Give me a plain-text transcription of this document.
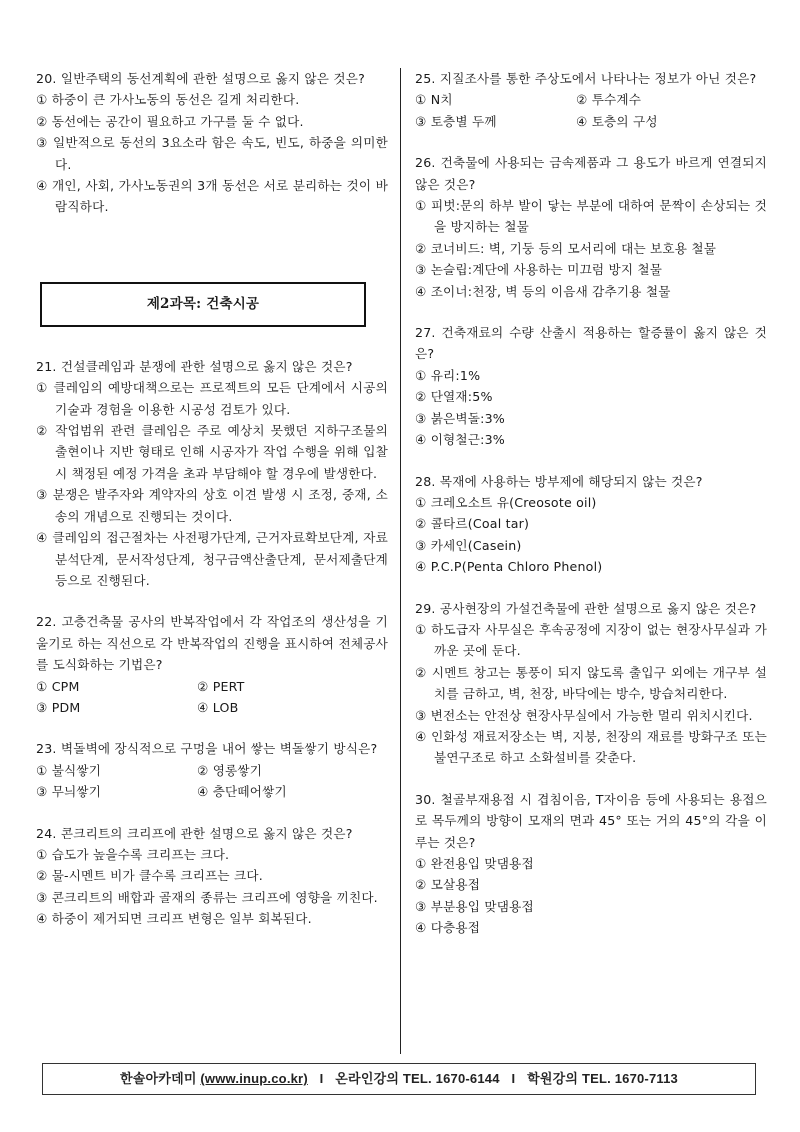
20. 일반주택의 동선계획에 관한 설명으로 옳지 않은 것은?

① 하중이 큰 가사노동의 동선은 길게 처리한다.

② 동선에는 공간이 필요하고 가구를 둘 수 없다.

③ 일반적으로 동선의 3요소라 함은 속도, 빈도, 하중을 의미한다.

④ 개인, 사회, 가사노동권의 3개 동선은 서로 분리하는 것이 바람직하다.

제2과목: 건축시공

21. 건설클레임과 분쟁에 관한 설명으로 옳지 않은 것은?

① 클레임의 예방대책으로는 프로젝트의 모든 단계에서 시공의 기술과 경험을 이용한 시공성 검토가 있다.

② 작업범위 관련 클레임은 주로 예상치 못했던 지하구조물의 출현이나 지반 형태로 인해 시공자가 작업 수행을 위해 입찰 시 책정된 예정 가격을 초과 부담해야 할 경우에 발생한다.

③ 분쟁은 발주자와 계약자의 상호 이견 발생 시 조정, 중재, 소송의 개념으로 진행되는 것이다.

④ 클레임의 접근절차는 사전평가단계, 근거자료확보단계, 자료분석단계, 문서작성단계, 청구금액산출단계, 문서제출단계 등으로 진행된다.

22. 고층건축물 공사의 반복작업에서 각 작업조의 생산성을 기울기로 하는 직선으로 각 반복작업의 진행을 표시하여 전체공사를 도식화하는 기법은?

① CPM	② PERT

③ PDM	④ LOB

23. 벽돌벽에 장식적으로 구멍을 내어 쌓는 벽돌쌓기 방식은?

① 불식쌓기	② 영롱쌓기

③ 무늬쌓기	④ 층단떼어쌓기

24. 콘크리트의 크리프에 관한 설명으로 옳지 않은 것은?

① 습도가 높을수록 크리프는 크다.

② 물-시멘트 비가 클수록 크리프는 크다.

③ 콘크리트의 배합과 골재의 종류는 크리프에 영향을 끼친다.

④ 하중이 제거되면 크리프 변형은 일부 회복된다.

25. 지질조사를 통한 주상도에서 나타나는 정보가 아닌 것은?

① N치	② 투수계수

③ 토층별 두께	④ 토층의 구성

26. 건축물에 사용되는 금속제품과 그 용도가 바르게 연결되지 않은 것은?

① 피벗:문의 하부 발이 닿는 부분에 대하여 문짝이 손상되는 것을 방지하는 철물

② 코너비드: 벽, 기둥 등의 모서리에 대는 보호용 철물

③ 논슬립:계단에 사용하는 미끄럼 방지 철물

④ 조이너:천장, 벽 등의 이음새 감추기용 철물

27. 건축재료의 수량 산출시 적용하는 할증률이 옳지 않은 것은?

① 유리:1%

② 단열재:5%

③ 붉은벽돌:3%

④ 이형철근:3%

28. 목재에 사용하는 방부제에 해당되지 않는 것은?

① 크레오소트 유(Creosote oil)

② 콜타르(Coal tar)

③ 카세인(Casein)

④ P.C.P(Penta Chloro Phenol)

29. 공사현장의 가설건축물에 관한 설명으로 옳지 않은 것은?

① 하도급자 사무실은 후속공정에 지장이 없는 현장사무실과 가까운 곳에 둔다.

② 시멘트 창고는 통풍이 되지 않도록 출입구 외에는 개구부 설치를 금하고, 벽, 천장, 바닥에는 방수, 방습처리한다.

③ 변전소는 안전상 현장사무실에서 가능한 멀리 위치시킨다.

④ 인화성 재료저장소는 벽, 지붕, 천장의 재료를 방화구조 또는 불연구조로 하고 소화설비를 갖춘다.

30. 철골부재용접 시 겹침이음, T자이음 등에 사용되는 용접으로 목두께의 방향이 모재의 면과 45° 또는 거의 45°의 각을 이루는 것은?

① 완전용입 맞댐용접

② 모살용접

③ 부분용입 맞댐용접

④ 다층용접

한솔아카데미 (www.inup.co.kr) I 온라인강의 TEL. 1670-6144 I 학원강의 TEL. 1670-7113
